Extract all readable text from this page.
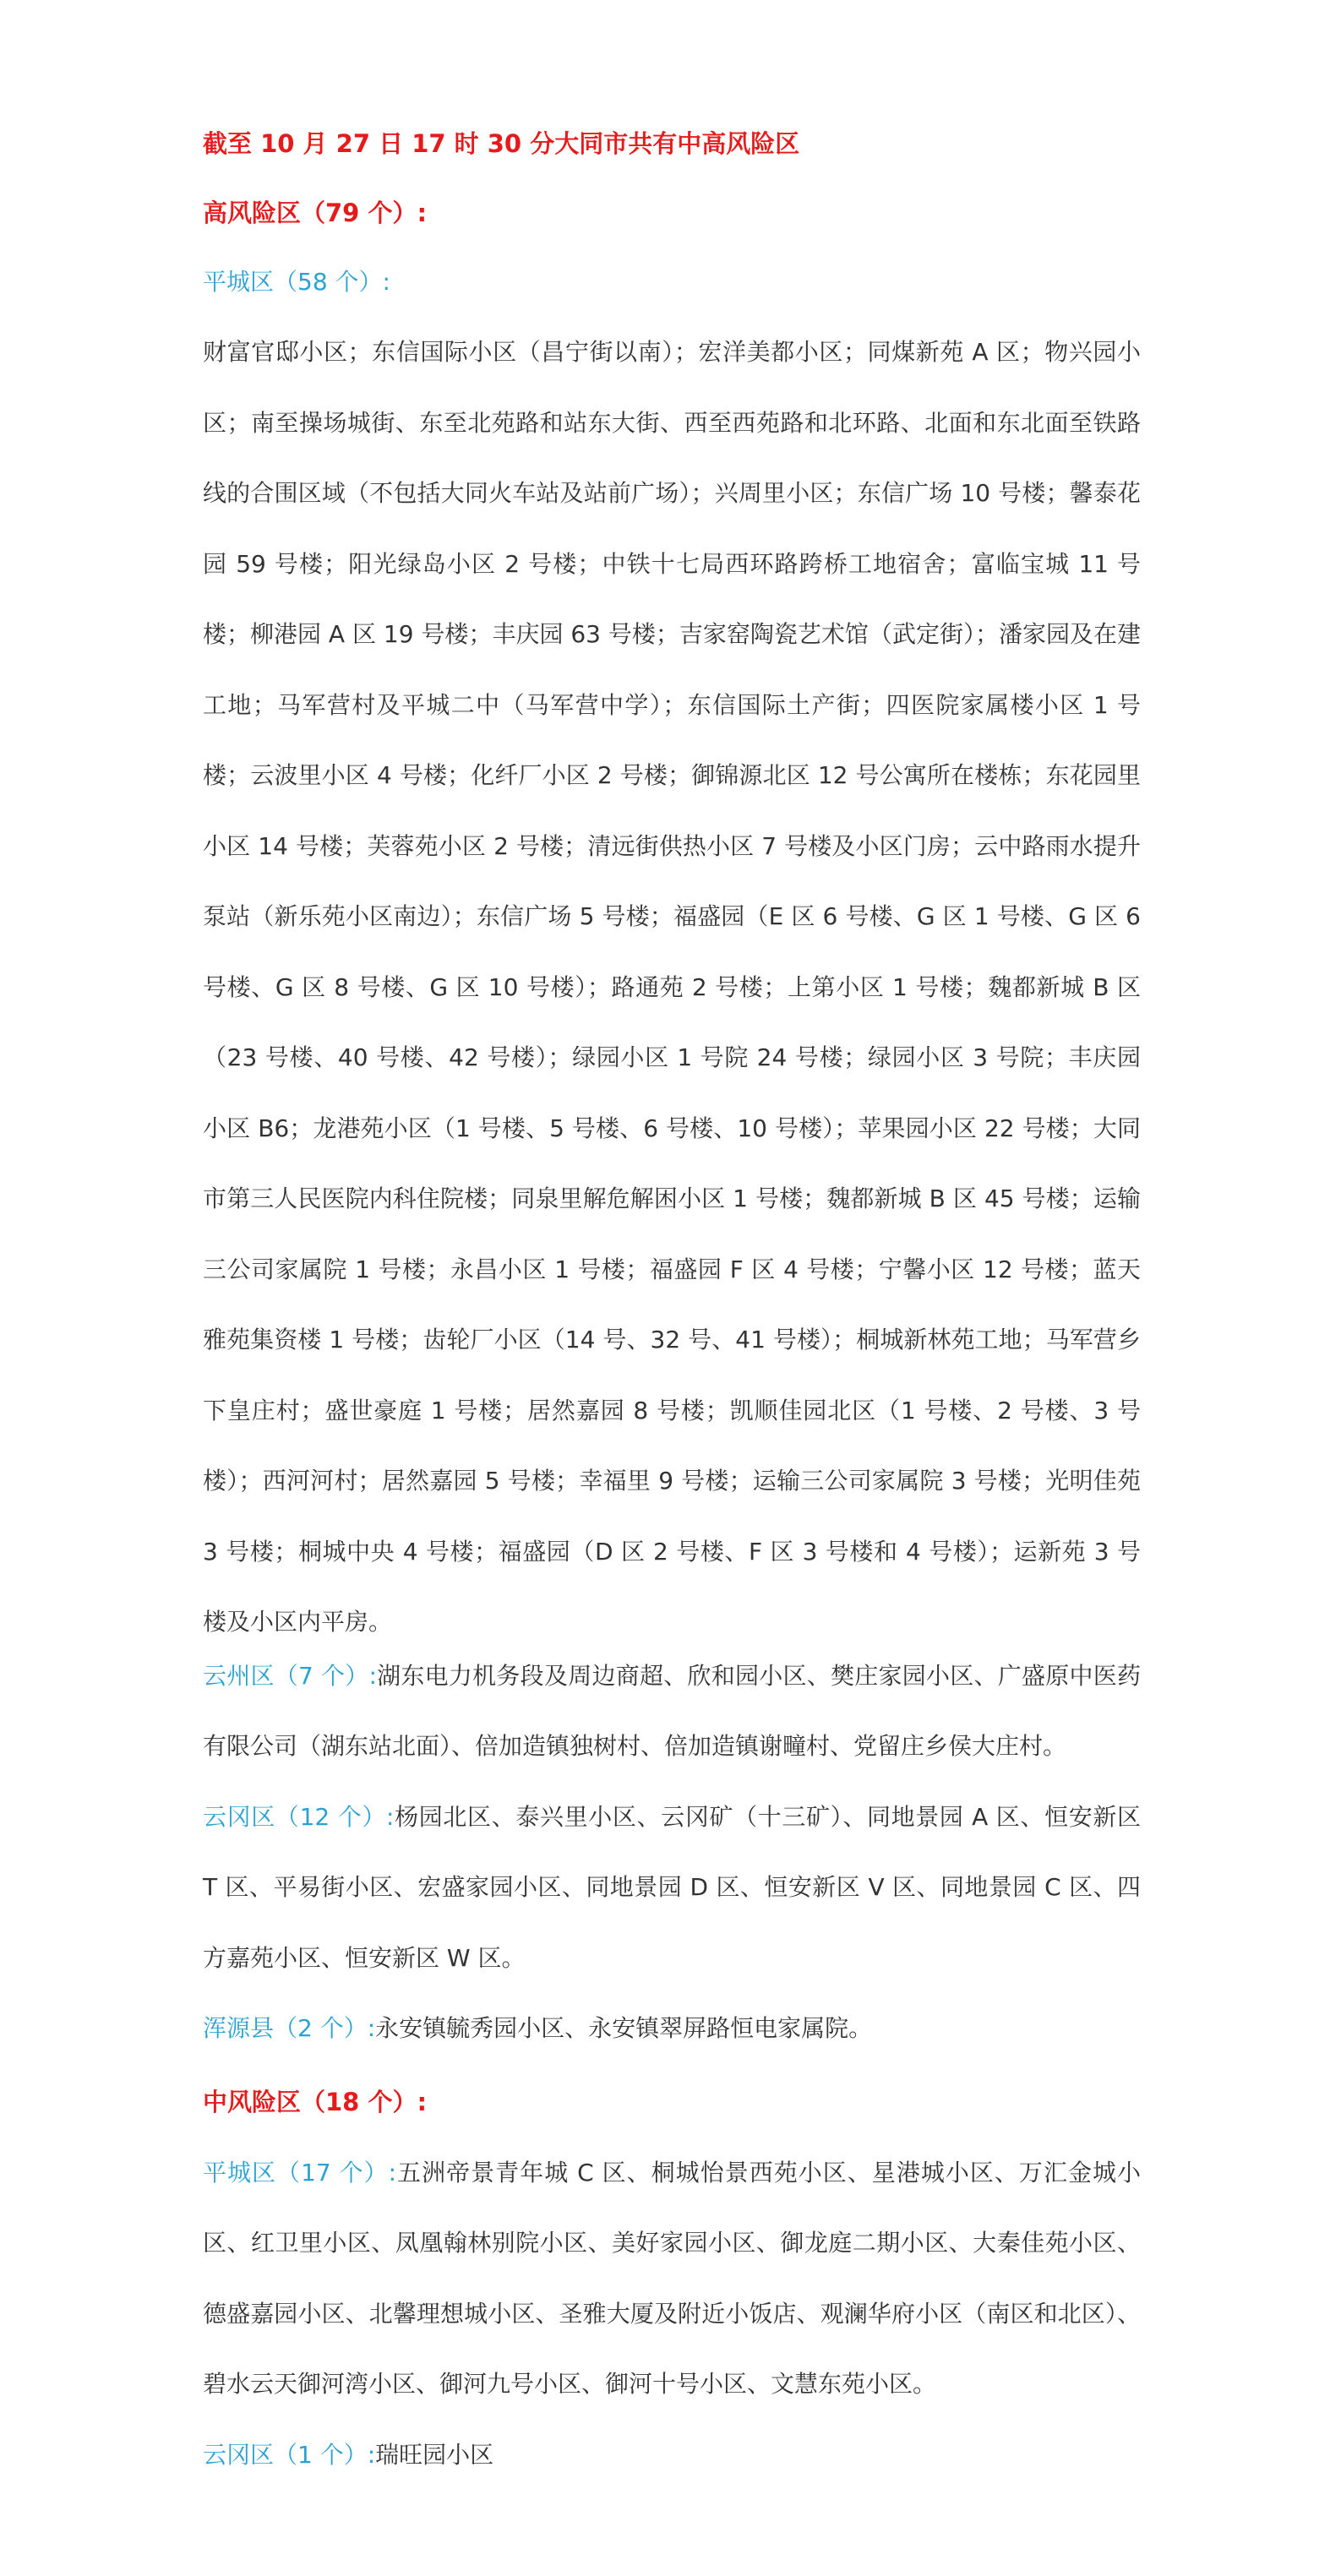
截至 10 月 27 日 17 时 30 分大同市共有中高风险区
高风险区（79 个）:
平城区（58 个）:

财富官邸小区；东信国际小区（昌宁街以南）；宏洋美都小区；同煤新苑 A 区；物兴园小区；南至操场城街、东至北苑路和站东大街、西至西苑路和北环路、北面和东北面至铁路线的合围区域（不包括大同火车站及站前广场）；兴周里小区；东信广场 10 号楼；馨泰花园 59 号楼；阳光绿岛小区 2 号楼；中铁十七局西环路跨桥工地宿舍；富临宝城 11 号楼；柳港园 A 区 19 号楼；丰庆园 63 号楼；吉家窑陶瓷艺术馆（武定街）；潘家园及在建工地；马军营村及平城二中（马军营中学）；东信国际土产街；四医院家属楼小区 1 号楼；云波里小区 4 号楼；化纤厂小区 2 号楼；御锦源北区 12 号公寓所在楼栋；东花园里小区 14 号楼；芙蓉苑小区 2 号楼；清远街供热小区 7 号楼及小区门房；云中路雨水提升泵站（新乐苑小区南边）；东信广场 5 号楼；福盛园（E 区 6 号楼、G 区 1 号楼、G 区 6 号楼、G 区 8 号楼、G 区 10 号楼）；路通苑 2 号楼；上第小区 1 号楼；魏都新城 B 区（23 号楼、40 号楼、42 号楼）；绿园小区 1 号院 24 号楼；绿园小区 3 号院；丰庆园小区 B6；龙港苑小区（1 号楼、5 号楼、6 号楼、10 号楼）；苹果园小区 22 号楼；大同市第三人民医院内科住院楼；同泉里解危解困小区 1 号楼；魏都新城 B 区 45 号楼；运输三公司家属院 1 号楼；永昌小区 1 号楼；福盛园 F 区 4 号楼；宁馨小区 12 号楼；蓝天雅苑集资楼 1 号楼；齿轮厂小区（14 号、32 号、41 号楼）；桐城新林苑工地；马军营乡下皇庄村；盛世豪庭 1 号楼；居然嘉园 8 号楼；凯顺佳园北区（1 号楼、2 号楼、3 号楼）；西河河村；居然嘉园 5 号楼；幸福里 9 号楼；运输三公司家属院 3 号楼；光明佳苑 3 号楼；桐城中央 4 号楼；福盛园（D 区 2 号楼、F 区 3 号楼和 4 号楼）；运新苑 3 号楼及小区内平房。

云州区（7 个）:湖东电力机务段及周边商超、欣和园小区、樊庄家园小区、广盛原中医药有限公司（湖东站北面）、倍加造镇独树村、倍加造镇谢疃村、党留庄乡侯大庄村。

云冈区（12 个）:杨园北区、泰兴里小区、云冈矿（十三矿）、同地景园 A 区、恒安新区 T 区、平易街小区、宏盛家园小区、同地景园 D 区、恒安新区 V 区、同地景园 C 区、四方嘉苑小区、恒安新区 W 区。

浑源县（2 个）:永安镇毓秀园小区、永安镇翠屏路恒电家属院。

中风险区（18 个）:

平城区（17 个）:五洲帝景青年城 C 区、桐城怡景西苑小区、星港城小区、万汇金城小区、红卫里小区、凤凰翰林别院小区、美好家园小区、御龙庭二期小区、大秦佳苑小区、德盛嘉园小区、北馨理想城小区、圣雅大厦及附近小饭店、观澜华府小区（南区和北区）、碧水云天御河湾小区、御河九号小区、御河十号小区、文慧东苑小区。

云冈区（1 个）:瑞旺园小区
